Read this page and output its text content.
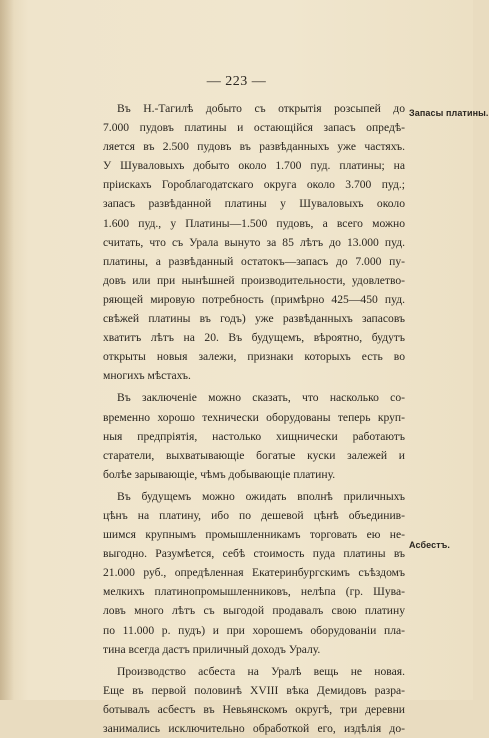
— 223 —
Запасы платины.
Асбестъ.

Въ Н.-Тагилѣ добыто съ открытія розсыпей до
7.000 пудовъ платины и остающійся запасъ опредѣ-
ляется въ 2.500 пудовъ въ развѣданныхъ уже частяхъ.
У Шуваловыхъ добыто около 1.700 пуд. платины; на
пріискахъ Гороблагодатскаго округа около 3.700 пуд.;
запасъ развѣданной платины у Шуваловыхъ около
1.600 пуд., у Платины—1.500 пудовъ, а всего можно
считать, что съ Урала вынуто за 85 лѣтъ до 13.000 пуд.
платины, а развѣданный остатокъ—запасъ до 7.000 пу-
довъ или при нынѣшней производительности, удовлетво-
ряющей мировую потребность (примѣрно 425—450 пуд.
свѣжей платины въ годъ) уже развѣданныхъ запасовъ
хватитъ лѣтъ на 20. Въ будущемъ, вѣроятно, будутъ
открыты новыя залежи, признаки которыхъ есть во
многихъ мѣстахъ.

Въ заключеніе можно сказать, что насколько со-
временно хорошо технически оборудованы теперь круп-
ныя предпріятія, настолько хищнически работаютъ
старатели, выхватывающіе богатые куски залежей и
болѣе зарывающіе, чѣмъ добывающіе платину.

Въ будущемъ можно ожидать вполнѣ приличныхъ
цѣнъ на платину, ибо по дешевой цѣнѣ объединив-
шимся крупнымъ промышленникамъ торговать ею не-
выгодно. Разумѣется, себѣ стоимость пуда платины въ
21.000 руб., опредѣленная Екатеринбургскимъ съѣздомъ
мелкихъ платинопромышленниковъ, нелѣпа (гр. Шува-
ловъ много лѣтъ съ выгодой продавалъ свою платину
по 11.000 р. пудъ) и при хорошемъ оборудованіи пла-
тина всегда дастъ приличный доходъ Уралу.

Производство асбеста на Уралѣ вещь не новая.
Еще въ первой половинѣ XVIII вѣка Демидовъ разра-
ботывалъ асбестъ въ Невьянскомъ округѣ, три деревни
занимались исключительно обработкой его, издѣлія до-
